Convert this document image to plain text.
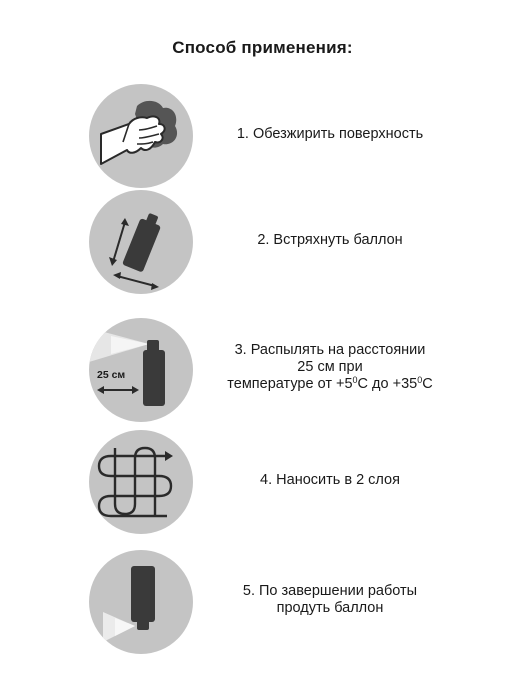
Способ применения:
1. Обезжирить поверхность
2. Встряхнуть баллон
25 см
3. Распылять на расстоянии
25 см при
температуре от $+5^0С$ до $+35^0С$
4. Наносить в 2 слоя
5. По завершении работы
продуть баллон
